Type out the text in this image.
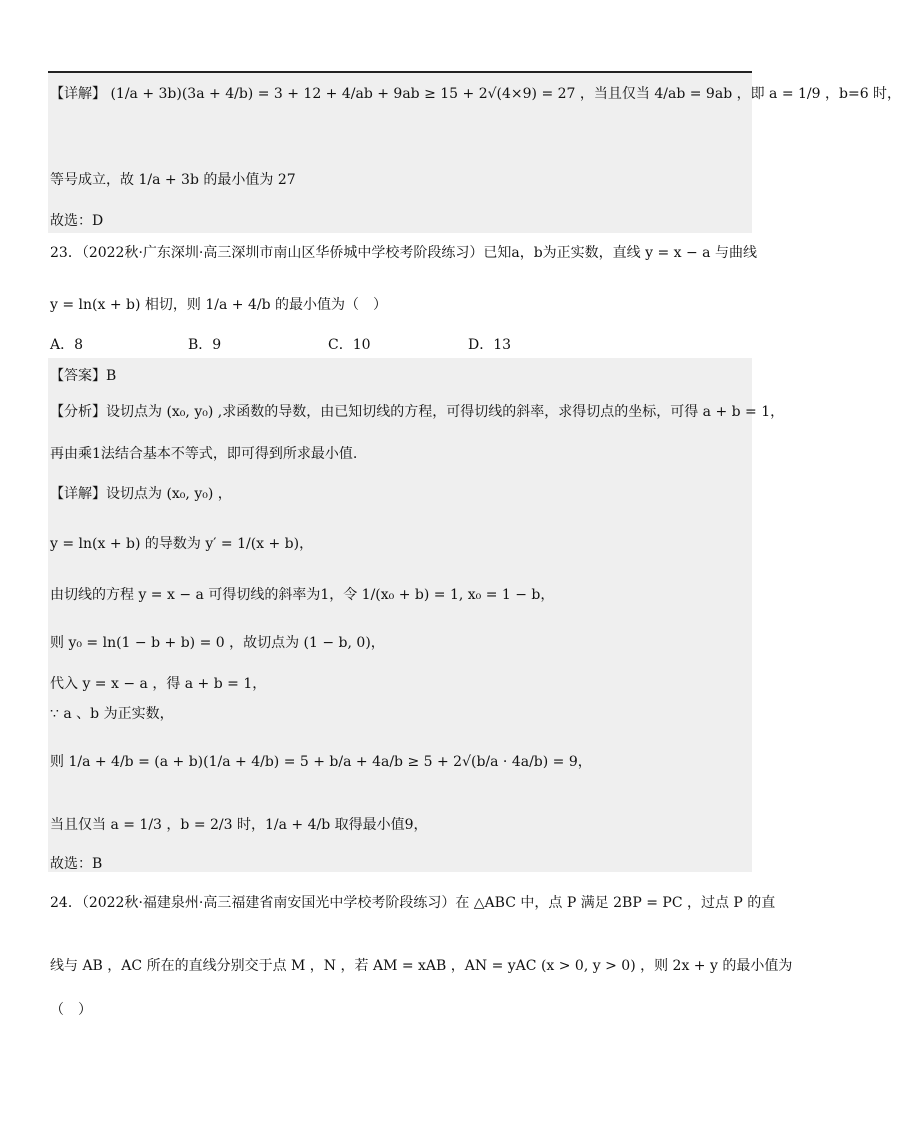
【详解】 (1/a + 3b)(3a + 4/b) = 3 + 12 + 4/ab + 9ab ≥ 15 + 2√(4×9) = 27 ，当且仅当 4/ab = 9ab ，即 a = 1/9 ，b=6 时，
等号成立，故 1/a + 3b 的最小值为 27
故选：D
23．（2022秋·广东深圳·高三深圳市南山区华侨城中学校考阶段练习）已知a，b为正实数，直线 y = x − a 与曲线
y = ln(x + b) 相切，则 1/a + 4/b 的最小值为（　）
A．8	B．9	C．10	D．13
【答案】B
【分析】设切点为 (x₀, y₀) ,求函数的导数，由已知切线的方程，可得切线的斜率，求得切点的坐标，可得 a + b = 1，
再由乘1法结合基本不等式，即可得到所求最小值.
【详解】设切点为 (x₀, y₀) ，
y = ln(x + b) 的导数为 y′ = 1/(x + b)，
由切线的方程 y = x − a 可得切线的斜率为1，令 1/(x₀ + b) = 1, x₀ = 1 − b，
则 y₀ = ln(1 − b + b) = 0 ，故切点为 (1 − b, 0)，
代入 y = x − a ，得 a + b = 1，
∵ a 、b 为正实数，
则 1/a + 4/b = (a + b)(1/a + 4/b) = 5 + b/a + 4a/b ≥ 5 + 2√(b/a · 4a/b) = 9，
当且仅当 a = 1/3 ，b = 2/3 时，1/a + 4/b 取得最小值9，
故选：B
24．（2022秋·福建泉州·高三福建省南安国光中学校考阶段练习）在 △ABC 中，点 P 满足 2BP = PC ，过点 P 的直
线与 AB ，AC 所在的直线分别交于点 M ，N ，若 AM = xAB ，AN = yAC (x > 0, y > 0) ，则 2x + y 的最小值为
（　）
